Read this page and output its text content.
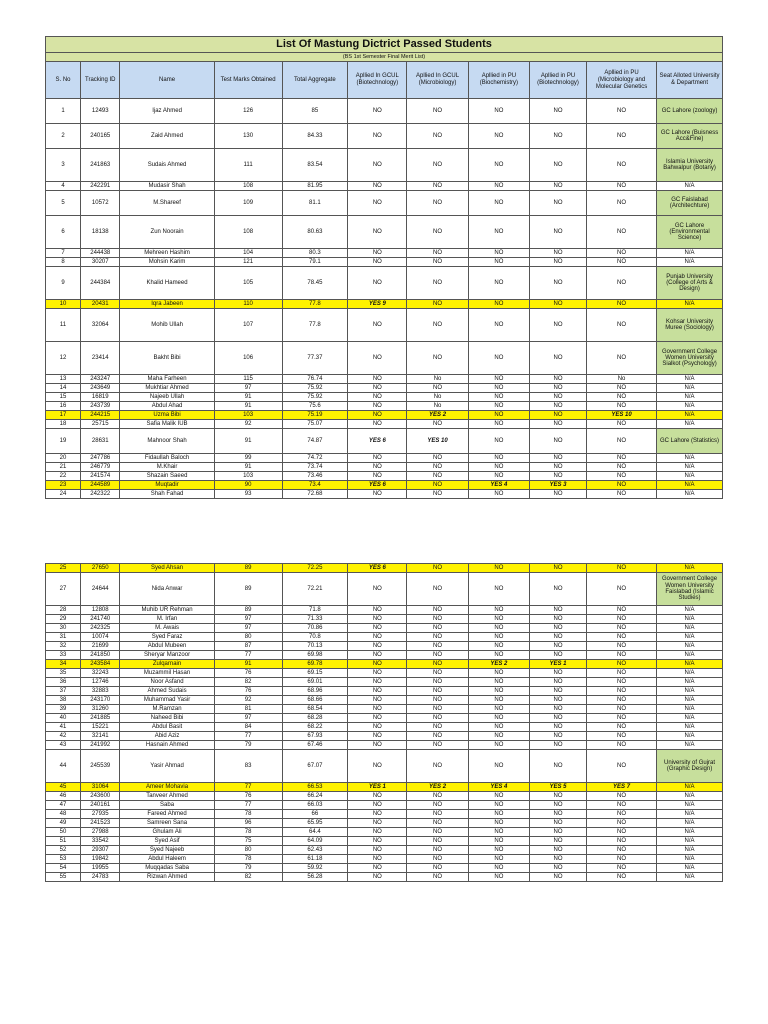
List Of Mastung Dictrict Passed Students										
(BS 1st Semester Final Merit List)										
S. No	Tracking ID	Name	Test Marks Obtained	Total Aggregate	Apllied In GCUL (Biotechnology)	Apllied In GCUL (Microbiology)	Apllied in PU (Biochemistry)	Apllied in PU (Biotechnology)	Apllied in PU (Microbiology and Molecular Genetics	Seat Alloted University & Department
1	12493	Ijaz Ahmed	126	85	NO	NO	NO	NO	NO	GC Lahore (zoology)
2	240165	Zaid Ahmed	130	84.33	NO	NO	NO	NO	NO	GC Lahore (Buisness Acc&Fine)
3	241863	Sudais Ahmed	111	83.54	NO	NO	NO	NO	NO	Islamia University Bahwalpur (Botany)
4	242291	Mudasir Shah	108	81.95	NO	NO	NO	NO	NO	N/A
5	10572	M.Shareef	109	81.1	NO	NO	NO	NO	NO	GC Faislabad (Architechture)
6	18138	Zun Noorain	108	80.63	NO	NO	NO	NO	NO	GC Lahore (Environmental Science)
7	244438	Mehreen Hashim	104	80.3	NO	NO	NO	NO	NO	N/A
8	30207	Mohsin Karim	121	79.1	NO	NO	NO	NO	NO	N/A
9	244384	Khalid Hameed	105	78.45	NO	NO	NO	NO	NO	Punjab University (College of Arts & Design)
10	20431	Iqra Jabeen	110	77.8	YES 9	NO	NO	NO	NO	N/A
11	32064	Mohib Ullah	107	77.8	NO	NO	NO	NO	NO	Kohsar University Muree (Sociology)
12	23414	Bakht Bibi	106	77.37	NO	NO	NO	NO	NO	Government College Women University Sialkot (Psychology)
13	243247	Maha Farheen	115	76.74	NO	No	NO	NO	No	N/A
14	243649	Mukhtiar Ahmed	97	75.92	NO	NO	NO	NO	NO	N/A
15	16819	Najeeb Ullah	91	75.92	NO	No	NO	NO	NO	N/A
16	243739	Abdul Ahad	91	75.6	NO	No	NO	NO	NO	N/A
17	244215	Uzma Bibi	103	75.19	NO	YES 2	NO	NO	YES 10	N/A
18	25715	Safia Malik IUB	92	75.07	NO	NO	NO	NO	NO	N/A
19	28631	Mahnoor Shah	91	74.87	YES 6	YES 10	NO	NO	NO	GC Lahore (Statistics)
20	247786	Fidaullah Baloch	99	74.72	NO	NO	NO	NO	NO	N/A
21	246779	M.Khair	91	73.74	NO	NO	NO	NO	NO	N/A
22	241574	Shazain Saeed	103	73.46	NO	NO	NO	NO	NO	N/A
23	244589	Muqtadir	90	73.4	YES 6	NO	YES 4	YES 3	NO	N/A
24	242322	Shah Fahad	93	72.68	NO	NO	NO	NO	NO	N/A

25	27650	Syed Ahsan	89	72.25	YES 6	NO	NO	NO	NO	N/A
27	24644	Nida Anwar	89	72.21	NO	NO	NO	NO	NO	Government College Women University Faislabad (Islamic Studies)
28	12808	Muhib UR Rehman	89	71.8	NO	NO	NO	NO	NO	N/A
29	241740	M. Irfan	97	71.33	NO	NO	NO	NO	NO	N/A
30	242325	M. Awais	97	70.86	NO	NO	NO	NO	NO	N/A
31	10074	Syed Faraz	80	70.8	NO	NO	NO	NO	NO	N/A
32	21699	Abdul Mubeen	87	70.13	NO	NO	NO	NO	NO	N/A
33	241850	Sheryar Manzoor	77	69.98	NO	NO	NO	NO	NO	N/A
34	243584	Zulqarnain	91	69.78	NO	NO	YES 2	YES 1	NO	N/A
35	32243	Muzammil Hasan	76	69.15	NO	NO	NO	NO	NO	N/A
36	12746	Noor Asfand	82	69.01	NO	NO	NO	NO	NO	N/A
37	32883	Ahmed Sudais	76	68.96	NO	NO	NO	NO	NO	N/A
38	243170	Muhammad Yasir	92	68.66	NO	NO	NO	NO	NO	N/A
39	31260	M.Ramzan	81	68.54	NO	NO	NO	NO	NO	N/A
40	241885	Naheed Bibi	97	68.28	NO	NO	NO	NO	NO	N/A
41	15221	Abdul Basit	84	68.22	NO	NO	NO	NO	NO	N/A
42	32141	Abid Aziz	77	67.93	NO	NO	NO	NO	NO	N/A
43	241992	Hasnain Ahmed	79	67.46	NO	NO	NO	NO	NO	N/A
44	245539	Yasir Ahmad	83	67.07	NO	NO	NO	NO	NO	University of Gujrat (Graphic Design)
45	31064	Ameer Mohavia	77	66.53	YES 1	YES 2	YES 4	YES 5	YES 7	N/A
46	243600	Tanveer Ahmed	76	66.24	NO	NO	NO	NO	NO	N/A
47	240161	Saba	77	66.03	NO	NO	NO	NO	NO	N/A
48	27935	Fareed Ahmed	78	66	NO	NO	NO	NO	NO	N/A
49	241523	Samreen Sana	96	65.95	NO	NO	NO	NO	NO	N/A
50	27988	Ghulam Ali	78	64.4	NO	NO	NO	NO	NO	N/A
51	33542	Syed Asif	75	64.09	NO	NO	NO	NO	NO	N/A
52	29307	Syed Najeeb	80	62.43	NO	NO	NO	NO	NO	N/A
53	19842	Abdul Haleem	78	61.18	NO	NO	NO	NO	NO	N/A
54	19955	Muqqadas Saba	79	59.92	NO	NO	NO	NO	NO	N/A
55	24783	Rizwan Ahmed	82	56.28	NO	NO	NO	NO	NO	N/A
